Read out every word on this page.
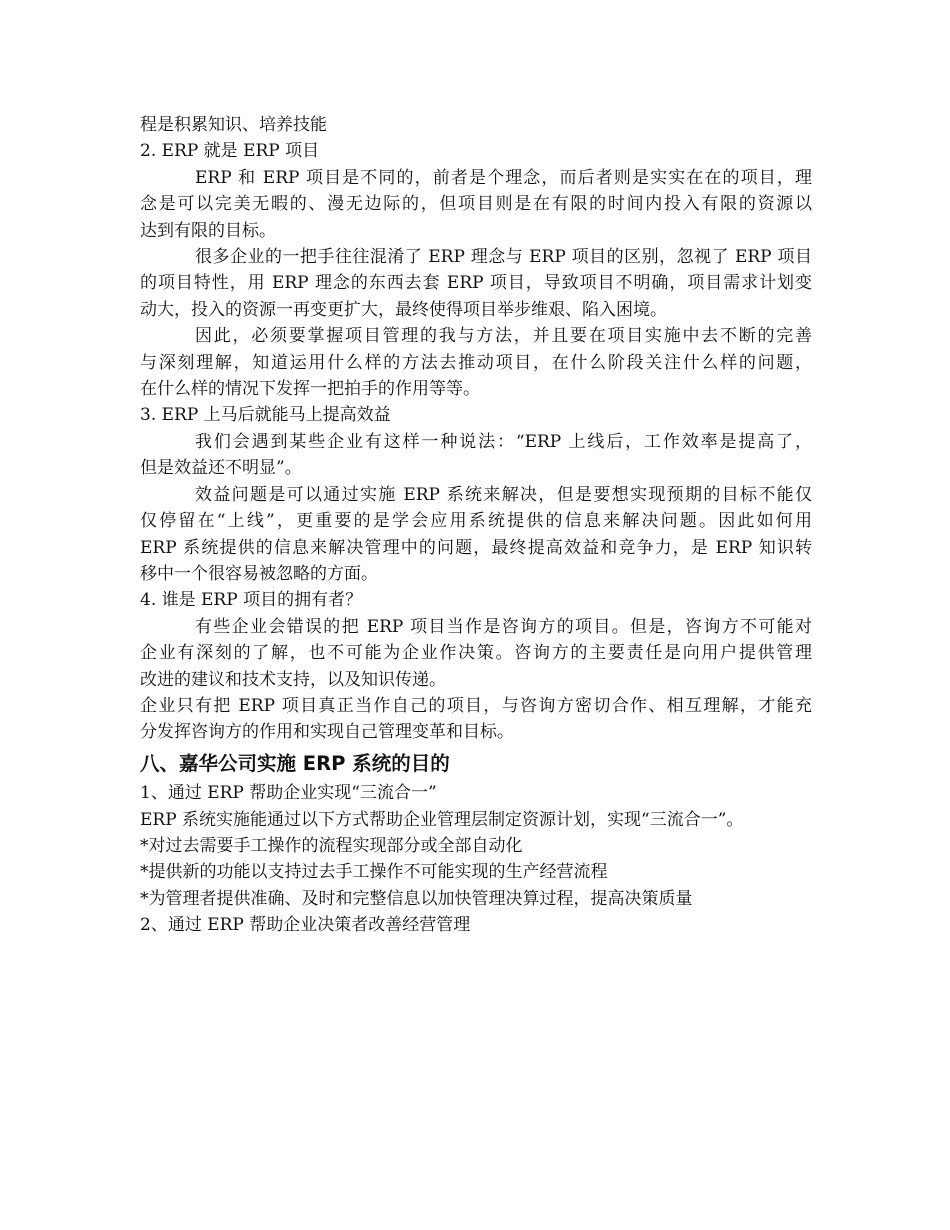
程是积累知识、培养技能

2. ERP 就是 ERP 项目

ERP 和 ERP 项目是不同的，前者是个理念，而后者则是实实在在的项目，理

念是可以完美无暇的、漫无边际的，但项目则是在有限的时间内投入有限的资源以

达到有限的目标。

很多企业的一把手往往混淆了 ERP 理念与 ERP 项目的区别，忽视了 ERP 项目

的项目特性，用 ERP 理念的东西去套 ERP 项目，导致项目不明确，项目需求计划变

动大，投入的资源一再变更扩大，最终使得项目举步维艰、陷入困境。

因此，必须要掌握项目管理的我与方法，并且要在项目实施中去不断的完善

与深刻理解，知道运用什么样的方法去推动项目，在什么阶段关注什么样的问题，

在什么样的情况下发挥一把拍手的作用等等。

3. ERP 上马后就能马上提高效益

我们会遇到某些企业有这样一种说法：“ERP 上线后，工作效率是提高了，

但是效益还不明显”。

效益问题是可以通过实施 ERP 系统来解决，但是要想实现预期的目标不能仅

仅停留在“上线”，更重要的是学会应用系统提供的信息来解决问题。因此如何用

ERP 系统提供的信息来解决管理中的问题，最终提高效益和竞争力，是 ERP 知识转

移中一个很容易被忽略的方面。

4. 谁是 ERP 项目的拥有者？

有些企业会错误的把 ERP 项目当作是咨询方的项目。但是，咨询方不可能对

企业有深刻的了解，也不可能为企业作决策。咨询方的主要责任是向用户提供管理

改进的建议和技术支持，以及知识传递。

企业只有把 ERP 项目真正当作自己的项目，与咨询方密切合作、相互理解，才能充

分发挥咨询方的作用和实现自己管理变革和目标。

八、嘉华公司实施 ERP 系统的目的

1、通过 ERP 帮助企业实现“三流合一”

ERP 系统实施能通过以下方式帮助企业管理层制定资源计划，实现“三流合一”。

*对过去需要手工操作的流程实现部分或全部自动化

*提供新的功能以支持过去手工操作不可能实现的生产经营流程

*为管理者提供准确、及时和完整信息以加快管理决算过程，提高决策质量

2、通过 ERP 帮助企业决策者改善经营管理
